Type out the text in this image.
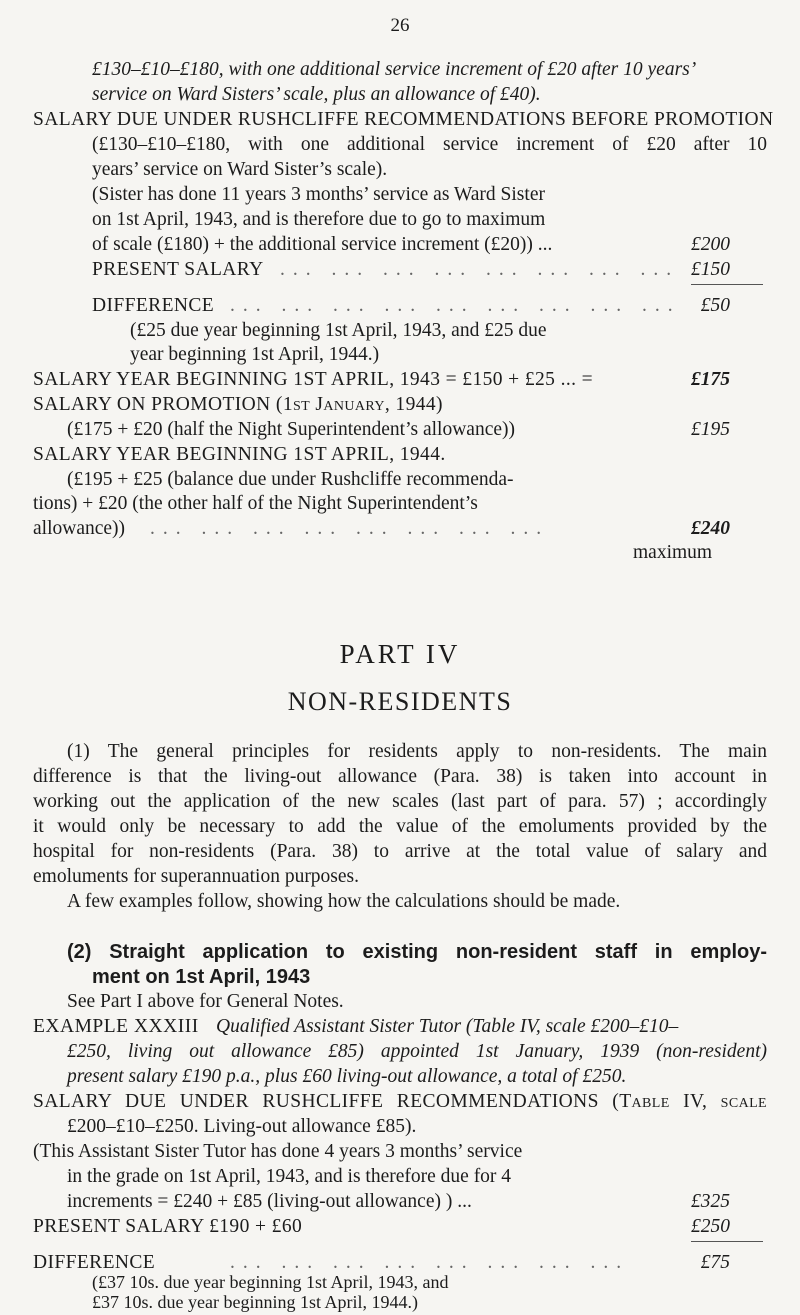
26
£130–£10–£180, with one additional service increment of £20 after 10 years’
service on Ward Sisters’ scale, plus an allowance of £40).
SALARY DUE UNDER RUSHCLIFFE RECOMMENDATIONS BEFORE PROMOTION
(£130–£10–£180, with one additional service increment of £20 after 10
years’ service on Ward Sister’s scale).
(Sister has done 11 years 3 months’ service as Ward Sister
on 1st April, 1943, and is therefore due to go to maximum
of scale (£180) + the additional service increment (£20)) ...	£200
PRESENT SALARY ... ... ... ... ... ... ... ... £150
DIFFERENCE ... ... ... ... ... ... ... ... ... £50
(£25 due year beginning 1st April, 1943, and £25 due
year beginning 1st April, 1944.)
SALARY YEAR BEGINNING 1ST APRIL, 1943 = £150 + £25 ... =	£175
SALARY ON PROMOTION (1st January, 1944)
(£175 + £20 (half the Night Superintendent’s allowance))	£195
SALARY YEAR BEGINNING 1ST APRIL, 1944.
(£195 + £25 (balance due under Rushcliffe recommenda-
tions) + £20 (the other half of the Night Superintendent’s
allowance)) ... ... ... ... ... ... ... ...	£240
maximum
PART IV
NON-RESIDENTS
(1) The general principles for residents apply to non-residents. The main
difference is that the living-out allowance (Para. 38) is taken into account in
working out the application of the new scales (last part of para. 57) ; accordingly
it would only be necessary to add the value of the emoluments provided by the
hospital for non-residents (Para. 38) to arrive at the total value of salary and
emoluments for superannuation purposes.
A few examples follow, showing how the calculations should be made.
(2) Straight application to existing non-resident staff in employ-
ment on 1st April, 1943
See Part I above for General Notes.
EXAMPLE XXXIII Qualified Assistant Sister Tutor (Table IV, scale £200–£10–
£250, living out allowance £85) appointed 1st January, 1939 (non-resident)
present salary £190 p.a., plus £60 living-out allowance, a total of £250.
SALARY DUE UNDER RUSHCLIFFE RECOMMENDATIONS (Table IV, scale
£200–£10–£250. Living-out allowance £85).
(This Assistant Sister Tutor has done 4 years 3 months’ service
in the grade on 1st April, 1943, and is therefore due for 4
increments = £240 + £85 (living-out allowance) ) ...	£325
PRESENT SALARY £190 + £60	£250
DIFFERENCE	... ... ... ... ... ... ... ...	£75
(£37 10s. due year beginning 1st April, 1943, and
£37 10s. due year beginning 1st April, 1944.)
